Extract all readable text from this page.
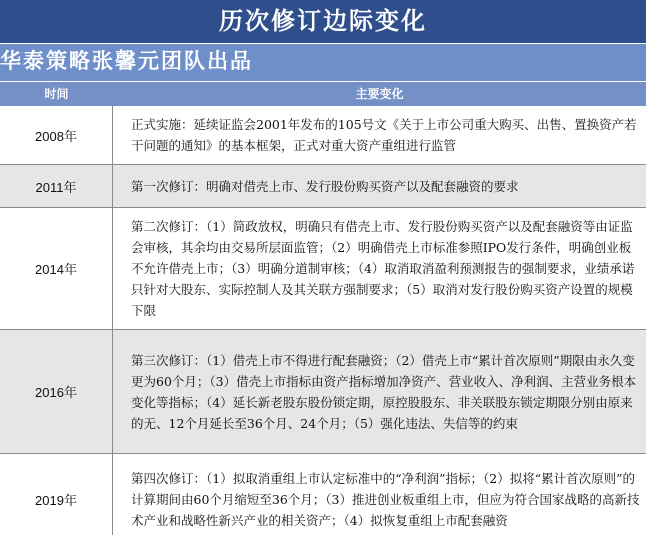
历次修订边际变化
华泰策略张馨元团队出品
时间	主要变化
2008年
正式实施：延续证监会2001年发布的105号文《关于上市公司重大购买、出售、置换资产若干问题的通知》的基本框架，正式对重大资产重组进行监管
2011年	第一次修订：明确对借壳上市、发行股份购买资产以及配套融资的要求
2014年
第二次修订：（1）简政放权，明确只有借壳上市、发行股份购买资产以及配套融资等由证监会审核，其余均由交易所层面监管；（2）明确借壳上市标准参照IPO发行条件，明确创业板不允许借壳上市；（3）明确分道制审核；（4）取消取消盈利预测报告的强制要求，业绩承诺只针对大股东、实际控制人及其关联方强制要求；（5）取消对发行股份购买资产设置的规模下限
2016年
第三次修订：（1）借壳上市不得进行配套融资；（2）借壳上市“累计首次原则”期限由永久变更为60个月；（3）借壳上市指标由资产指标增加净资产、营业收入、净利润、主营业务根本变化等指标；（4）延长新老股东股份锁定期，原控股股东、非关联股东锁定期限分别由原来的无、12个月延长至36个月、24个月；（5）强化违法、失信等的约束
2019年
第四次修订：（1）拟取消重组上市认定标准中的“净利润”指标；（2）拟将“累计首次原则”的计算期间由60个月缩短至36个月；（3）推进创业板重组上市，但应为符合国家战略的高新技术产业和战略性新兴产业的相关资产；（4）拟恢复重组上市配套融资
